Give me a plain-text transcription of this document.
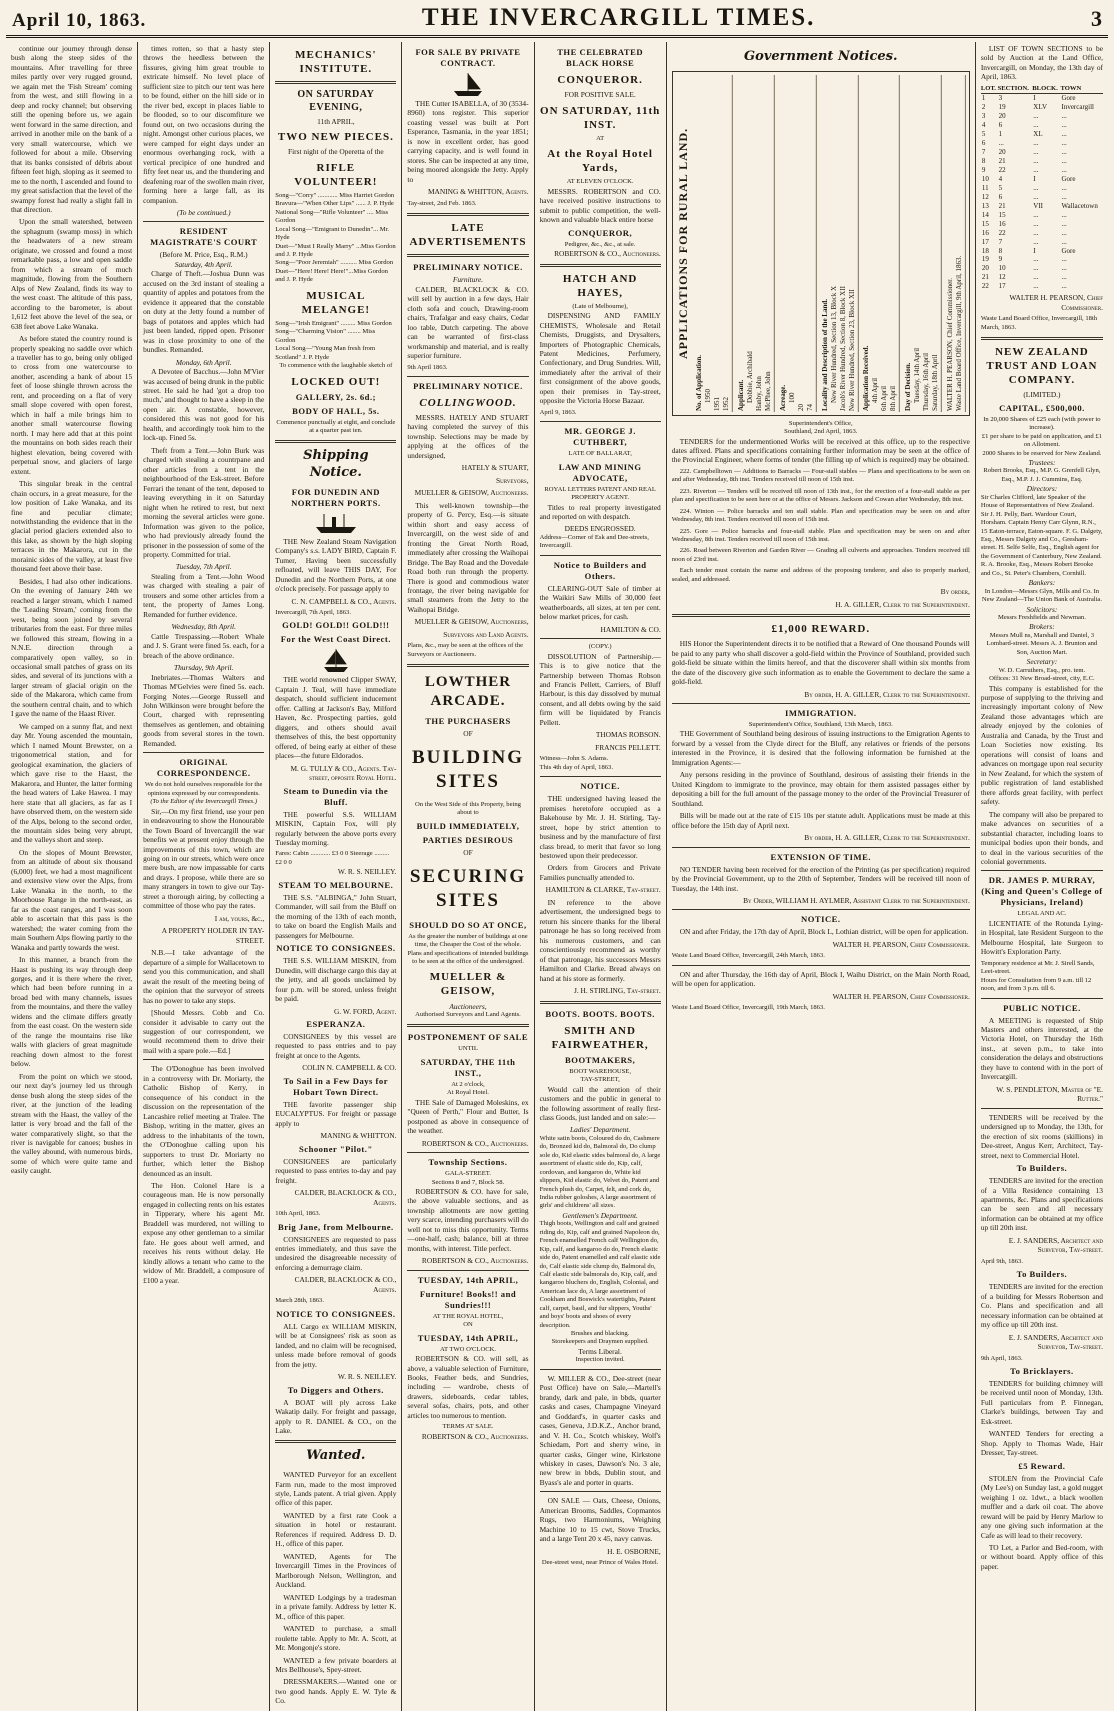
April 10, 1863.	THE INVERCARGILL TIMES.	3

continue our journey through dense bush along the steep sides of the mountains. After travelling for three miles partly over very rugged ground, we again met the 'Fish Stream' coming from the west, and still flowing in a deep and rocky channel; but observing still the opening before us, we again went forward in the same direction, and arrived in another mile on the bank of a very small watercourse, which we followed for about a mile. Observing that its banks consisted of débris about fifteen feet high, sloping as it seemed to me to the north, I ascended and found to my great satisfaction that the level of the swampy forest had really a slight fall in that direction.

Upon the small watershed, between the sphagnum (swamp moss) in which the headwaters of a new stream originate, we crossed and found a most remarkable pass, a low and open saddle from which a stream of much magnitude, flowing from the Southern Alps of New Zealand, finds its way to the west coast. The altitude of this pass, according to the barometer, is about 1,612 feet above the level of the sea, or 638 feet above Lake Wanaka.

As before stated the country round is properly speaking no saddle over which a traveller has to go, being only obliged to cross from one watercourse to another, ascending a bank of about 15 feet of loose shingle thrown across the rent, and proceeding on a flat of very small slope covered with open forest, which in half a mile brings him to another small watercourse flowing north. I may here add that at this point the mountains on both sides reach their highest elevation, being covered with perpetual snow, and glaciers of large extent.

This singular break in the central chain occurs, in a great measure, for the low position of Lake Wanaka, and its fine and peculiar climate; notwithstanding the evidence that in the glacial period glaciers extended also to this lake, as shown by the high sloping terraces in the Makarora, cut in the morainic sides of the valley, at least five thousand feet above their base.

Besides, I had also other indications. On the evening of January 24th we reached a larger stream, which I named the 'Leading Stream,' coming from the west, being soon joined by several tributaries from the east. For three miles we followed this stream, flowing in a N.N.E. direction through a comparatively open valley, so in occasional small patches of grass on its sides, and several of its junctions with a larger stream of glacial origin on the side of the Makarora, which came from the southern central chain, and to which I gave the name of the Haast River.

We camped on a sunny flat, and next day Mr. Young ascended the mountain, which I named Mount Brewster, on a trigonometrical station, and for geological examination, the glaciers of which gave rise to the Haast, the Makarora, and Hunter, the latter forming the head waters of Lake Hawea. I may here state that all glaciers, as far as I have observed them, on the western side of the Alps, belong to the second order, the mountain sides being very abrupt, and the valleys short and steep.

On the slopes of Mount Brewster, from an altitude of about six thousand (6,000) feet, we had a most magnificent and extensive view over the Alps, from Lake Wanaka in the north, to the Moorhouse Range in the north-east, as far as the coast ranges, and I was soon able to ascertain that this pass is the watershed; the water coming from the main Southern Alps flowing partly to the Wanaka and partly towards the west.

In this manner, a branch from the Haast is pushing its way through deep gorges, and it is there where the river, which had been before running in a broad bed with many channels, issues from the mountains, and there the valley widens and the climate differs greatly from the east coast. On the western side of the range the mountains rise like walls with glaciers of great magnitude reaching down almost to the forest below.

From the point on which we stood, our next day's journey led us through dense bush along the steep sides of the river, at the junction of the leading stream with the Haast, the valley of the latter is very broad and the fall of the water comparatively slight, so that the river is navigable for canoes; bushes in the valley abound, with numerous birds, some of which were quite tame and easily caught.

times rotten, so that a hasty step throws the heedless between the fissures, giving him great trouble to extricate himself. No level place of sufficient size to pitch our tent was here to be found, either on the hill side or in the river bed, except in places liable to be flooded, so to our discomfiture we found out, on two occasions during the night. Amongst other curious places, we were camped for eight days under an enormous overhanging rock, with a vertical precipice of one hundred and fifty feet near us, and the thundering and deafening roar of the swollen main river, forming here a large fall, as its companion.

(To be continued.)

RESIDENT MAGISTRATE'S COURT
(Before M. Price, Esq., R.M.)
Saturday, 4th April.

Charge of Theft.—Joshua Dunn was accused on the 3rd instant of stealing a quantity of apples and potatoes from the evidence it appeared that the constable on duty at the Jetty found a number of bags of potatoes and apples which had just been landed, ripped open. Prisoner was in close proximity to one of the bundles. Remanded.

Monday, 6th April.

A Devotee of Bacchus.—John M'Vier was accused of being drunk in the public street. He said he had 'got a drop too much,' and thought to have a sleep in the open air. A constable, however, considered this was not good for his health, and accordingly took him to the lock-up. Fined 5s.

Theft from a Tent.—John Burk was charged with stealing a countrpane and other articles from a tent in the neighbourhood of the Esk-street. Before Ferrari the tenant of the tent, deposed to leaving everything in it on Saturday night when he retired to rest, but next morning the several articles were gone. Information was given to the police, who had previously already found the prisoner in the possession of some of the property. Committed for trial.

Tuesday, 7th April.

Stealing from a Tent.—John Wood was charged with stealing a pair of trousers and some other articles from a tent, the property of James Long. Remanded for further evidence.

Wednesday, 8th April.

Cattle Trespassing.—Robert Whale and J. S. Grant were fined 5s. each, for a breach of the above ordinance.

Thursday, 9th April.

Inebriates.—Thomas Walters and Thomas M'Gelvies were fined 5s. each. Forging Notes.—George Russell and John Wilkinson were brought before the Court, charged with representing themselves as gentlemen, and obtaining goods from several stores in the town. Remanded.

ORIGINAL CORRESPONDENCE.

We do not hold ourselves responsible for the opinions expressed by our correspondents.

(To the Editor of the Invercargill Times.)

Sir,—On my first friend, use your pen in endeavouring to show the Honourable the Town Board of Invercargill the war benefits we at present enjoy through the improvements of this town, which are going on in our streets, which were once mere bush, are now impassable for carts and drays. I propose, while there are so many strangers in town to give our Tay-street a thorough airing, by collecting a committee of those who pay the rates.

I am, yours, &c.,

A PROPERTY HOLDER IN TAY-STREET.

N.B.—I take advantage of the departure of a simple for Wallacetown to send you this communication, and shall await the result of the meeting being of the opinion that the surveyor of streets has no power to take any steps.

[Should Messrs. Cobb and Co. consider it advisable to carry out the suggestion of our correspondent, we would recommend them to drive their mail with a spare pole.—Ed.]

The O'Donoghue has been involved in a controversy with Dr. Moriarty, the Catholic Bishop of Kerry, in consequence of his conduct in the discussion on the representation of the Lancashire relief meeting at Tralee. The Bishop, writing in the matter, gives an address to the inhabitants of the town, the O'Donoghue calling upon his supporters to trust Dr. Moriarty no further, which letter the Bishop denounced as an insult.

The Hon. Colonel Hare is a courageous man. He is now personally engaged in collecting rents on his estates in Tipperary, where his agent Mr. Braddell was murdered, not willing to expose any other gentleman to a similar fate. He goes about well armed, and receives his rents without delay. He kindly allows a tenant who came to the widow of Mr. Braddell, a composure of £100 a year.

MECHANICS' INSTITUTE.
ON SATURDAY EVENING,
11th APRIL,
TWO NEW PIECES.
First night of the Operetta of the
RIFLE VOLUNTEER!

Song—"Corry" ............ Miss Harriet Gordon

Bravura—"When Other Lips" ...... J. P. Hyde

National Song—"Rifle Volunteer" .... Miss Gordon

Local Song—"Emigrant to Dunedin"... Mr. Hyde

Duet—"Must I Really Marry" ...Miss Gordon and J. P. Hyde

Song—"Poor Jeremiah" .......... Miss Gordon

Duet—"Here! Here! Here!"...Miss Gordon and J. P. Hyde

MUSICAL MELANGE!

Song—"Irish Emigrant" ......... Miss Gordon

Song—"Charming Vision" ........ Miss Gordon

Local Song—"Young Man fresh from Scotland" J. P. Hyde

To commence with the laughable sketch of
LOCKED OUT!
GALLERY, 2s. 6d.;
BODY OF HALL, 5s.

Commence punctually at eight, and conclude at a quarter past ten.

Shipping Notice.
FOR DUNEDIN AND NORTHERN PORTS.

THE New Zealand Steam Navigation Company's s.s. LADY BIRD, Captain F. Tumer, Having been successfully refloated, will leave THIS DAY, For Dunedin and the Northern Ports, at one o'clock precisely. For passage apply to

C. N. CAMPBELL & CO., Agents.

Invercargill, 7th April, 1863.

GOLD! GOLD!! GOLD!!!
For the West Coast Direct.

THE world renowned Clipper SWAY, Captain J. Teal, will have immediate despatch, should sufficient inducement offer. Calling at Jackson's Bay, Milford Haven, &c. Prospecting parties, gold diggers, and others should avail themselves of this, the best opportunity offered, of being early at either of these places—the future Eldorados.

M. G. TULLY & CO., Agents. Tay-street, opposite Royal Hotel.

Steam to Dunedin via the Bluff.

THE powerful S.S. WILLIAM MISKIN, Captain Fox, will ply regularly between the above ports every Tuesday morning.

Fares: Cabin ............ £3 0 0 Steerage ......... £2 0 0

W. R. S. NEILLEY.

STEAM TO MELBOURNE.

THE S.S. "ALBINGA," John Stuart, Commander, will sail from the Bluff on the morning of the 13th of each month, to take on board the English Mails and passengers for Melbourne.

NOTICE TO CONSIGNEES.

THE S.S. WILLIAM MISKIN, from Dunedin, will discharge cargo this day at the jetty, and all goods unclaimed by four p.m. will be stored, unless freight be paid.

G. W. FORD, Agent.

ESPERANZA.

CONSIGNEES by this vessel are requested to pass entries and to pay freight at once to the Agents.

COLIN N. CAMPBELL & CO.

To Sail in a Few Days for Hobart Town Direct.

THE favorite passenger ship EUCALYPTUS. For freight or passage apply to

MANING & WHITTON.

Schooner "Pilot."

CONSIGNEES are particularly requested to pass entries to-day and pay freight.

CALDER, BLACKLOCK & CO., Agents.

10th April, 1863.

Brig Jane, from Melbourne.

CONSIGNEES are requested to pass entries immediately, and thus save the undesired the disagreeable necessity of enforcing a demurrage claim.

CALDER, BLACKLOCK & CO., Agents.

March 28th, 1863.

NOTICE TO CONSIGNEES.

ALL Cargo ex WILLIAM MISKIN, will be at Consignees' risk as soon as landed, and no claim will be recognised, unless made before removal of goods from the jetty.

W. R. S. NEILLEY.

To Diggers and Others.

A BOAT will ply across Lake Wakatip daily. For freight and passage, apply to R. DANIEL & CO., on the Lake.

Wanted.

WANTED Purveyor for an excellent Farm run, made to the most improved style, Lands patent. A trial given. Apply office of this paper.

WANTED by a first rate Cook a situation in hotel or restaurant. References if required. Address D. D. H., office of this paper.

WANTED, Agents for The Invercargill Times in the Provinces of Marlborough Nelson, Wellington, and Auckland.

WANTED Lodgings by a tradesman in a private family. Address by letter K. M., office of this paper.

WANTED to purchase, a small roulette table. Apply to Mr. A. Scott, at Mr. Mongonje's store.

WANTED a few private boarders at Mrs Bellhouse's, Spey-street.

DRESSMAKERS.—Wanted one or two good hands. Apply E. W. Tyle & Co.

FOR SALE BY PRIVATE CONTRACT.

THE Cutter ISABELLA, of 30 (3534-8960) tons register. This superior coasting vessel was built at Port Esperance, Tasmania, in the year 1851; is now in excellent order, has good carrying capacity, and is well found in stores. She can be inspected at any time, being moored alongside the Jetty. Apply to

MANING & WHITTON, Agents.

Tay-street, 2nd Feb. 1863.

LATE ADVERTISEMENTS
PRELIMINARY NOTICE.
Furniture.

CALDER, BLACKLOCK & CO. will sell by auction in a few days, Hair cloth sofa and couch, Drawing-room chairs, Trafalgar and easy chairs, Cedar loo table, Dutch carpeting. The above can be warranted of first-class workmanship and material, and is really superior furniture.

9th April 1863.

PRELIMINARY NOTICE.
COLLINGWOOD.

MESSRS. HATELY AND STUART having completed the survey of this township. Selections may be made by applying at the offices of the undersigned,

HATELY & STUART,

Surveyors,

MUELLER & GEISOW, Auctioneers.

This well-known township—the property of G. Percy, Esq.—is situate within short and easy access of Invercargill, on the west side of and fronting the Great North Road, immediately after crossing the Waihopai Bridge. The Bay Road and the Dovedale Road both run through the property. There is good and commodious water frontage, the river being navigable for small steamers from the Jetty to the Waihopai Bridge.

MUELLER & GEISOW, Auctioneers,

Surveyors and Land Agents.

Plans, &c., may be seen at the offices of the Surveyors or Auctioneers.

LOWTHER ARCADE.
THE PURCHASERS
OF
BUILDING SITES
On the West Side of this Property, being about to
BUILD IMMEDIATELY,
PARTIES DESIROUS
OF
SECURING SITES
SHOULD DO SO AT ONCE,

As the greater the number of buildings at one time, the Cheaper the Cost of the whole.

Plans and specifications of intended buildings to be seen at the office of the undersigned.

MUELLER & GEISOW,
Auctioneers,
Authorised Surveyors and Land Agents.
POSTPONEMENT OF SALE
UNTIL
SATURDAY, THE 11th INST.,
At 2 o'clock,
At Royal Hotel.

THE Sale of Damaged Moleskins, ex "Queen of Perth," Flour and Butter, Is postponed as above in consequence of the weather.

ROBERTSON & CO., Auctioneers.

Township Sections.
GALA-STREET.
Sections 8 and 7, Block 58.

ROBERTSON & CO. have for sale, the above valuable sections, and as township allotments are now getting very scarce, intending purchasers will do well not to miss this opportunity. Terms—one-half, cash; balance, bill at three months, with interest. Title perfect.

ROBERTSON & CO., Auctioneers.

TUESDAY, 14th APRIL,
Furniture! Books!! and Sundries!!!
AT THE ROYAL HOTEL,
ON
TUESDAY, 14th APRIL,
AT TWO O'CLOCK.

ROBERTSON & CO. will sell, as above, a valuable selection of Furniture, Books, Feather beds, and Sundries, including — wardrobe, chests of drawers, sideboards, cedar tables, several sofas, chairs, pots, and other articles too numerous to mention.

TERMS AT SALE.

ROBERTSON & CO., Auctioneers.

THE CELEBRATED BLACK HORSE
CONQUEROR.
FOR POSITIVE SALE.
ON SATURDAY, 11th INST.
AT
At the Royal Hotel Yards,
AT ELEVEN O'CLOCK.

MESSRS. ROBERTSON and CO. have received positive instructions to submit to public competition, the well-known and valuable black entire horse

CONQUEROR,

Pedigree, &c., &c., at sale.

ROBERTSON & CO., Auctioneers.

HATCH AND HAYES,
(Late of Melbourne),

DISPENSING AND FAMILY CHEMISTS, Wholesale and Retail Chemists, Druggists, and Drysalters, Importers of Photographic Chemicals, Patent Medicines, Perfumery, Confectionary, and Drug Sundries. Will, immediately after the arrival of their first consignment of the above goods, open their premises in Tay-street, opposite the Victoria Horse Bazaar.

April 9, 1863.

MR. GEORGE J. CUTHBERT,
LATE OF BALLARAT,
LAW AND MINING ADVOCATE,
ROYAL LETTERS PATENT AND REAL PROPERTY AGENT.

Titles to real property investigated and reported on with despatch.

DEEDS ENGROSSED.

Address—Corner of Esk and Dee-streets, Invercargill.

Notice to Builders and Others.

CLEARING-OUT Sale of timber at the Waikiri Saw Mills of 30,000 feet weatherboards, all sizes, at ten per cent. below market prices, for cash.

HAMILTON & CO.

(COPY.)

DISSOLUTION of Partnership.—This is to give notice that the Partnership between Thomas Robson and Francis Pellett, Carriers, of Bluff Harbour, is this day dissolved by mutual consent, and all debts owing by the said firm will be liquidated by Francis Pellett.

THOMAS ROBSON.

FRANCIS PELLETT.

Witness—John S. Adams.

This 4th day of April, 1863.

NOTICE.

THE undersigned having leased the premises heretofore occupied as a Bakehouse by Mr. J. H. Stirling, Tay-street, hope by strict attention to business and by the manufacture of first class bread, to merit that favor so long bestowed upon their predecessor.

Orders from Grocers and Private Families punctually attended to.

HAMILTON & CLARKE, Tay-street.

IN reference to the above advertisement, the undersigned begs to return his sincere thanks for the liberal patronage he has so long received from his numerous customers, and can conscientiously recommend as worthy of that patronage, his successors Messrs Hamilton and Clarke. Bread always on hand at his store as formerly.

J. H. STIRLING, Tay-street.

BOOTS. BOOTS. BOOTS.
SMITH AND FAIRWEATHER,
BOOTMAKERS,
BOOT WAREHOUSE,
TAY-STREET,

Would call the attention of their customers and the public in general to the following assortment of really first-class Goods, just landed and on sale:—

Ladies' Department.

White satin boots, Coloured do do, Cashmere do, Bronzed kid do, Balmoral do, Do clump sole do, Kid elastic sides balmoral do, A large assortment of elastic side do, Kip, calf, cordovan, and kangaroo do, White kid slippers, Kid elastic do, Velvet do, Patent and French plush do, Carpet, felt, and cork do, India rubber goloshes, A large assortment of girls' and childrens' all sizes.

Gentlemen's Department.

Thigh boots, Wellington and calf and grained riding do, Kip, calf and grained Napoleon do, French enamelled French calf Wellington do, Kip, calf, and kangaroo do do, French elastic side do, Patent enamelled and calf elastic side do, Calf elastic side clump do, Balmoral do, Calf elastic side balmorals do, Kip, calf, and kangaroo bluchers do, English, Colonial, and American lace do, A large assortment of Cookham and Boswick's watertights, Patent calf, carpet, basil, and fur slippers, Youths' and boys' boots and shoes of every description.

Brushes and blacking.
Storekeepers and Draymen supplied.
Terms Liberal.
Inspection invited.

W. MILLER & CO., Dee-street (near Post Office) have on Sale,—Martell's brandy, dark and pale, in bbds, quarter casks and cases, Champagne Vineyard and Goddard's, in quarter casks and cases, Geneva, J.D.K.Z., Anchor brand, and V. H. Co., Scotch whiskey, Wolf's Schiedam, Port and sherry wine, in quarter casks, Ginger wine, Kirkstone whiskey in cases, Dawson's No. 3 ale, new brew in bbds, Dublin stout, and Byass's ale and porter in quarts.

ON SALE — Oats, Cheese, Onions, American Brooms, Saddles, Copmantos Rugs, two Harmoniums, Weighing Machine 10 to 15 cwt, Stove Trucks, and a large Tent 20 x 45, navy canvas.

H. E. OSBORNE,

Dee-street west, near Prince of Wales Hotel.

Government Notices.
APPLICATIONS FOR RURAL LAND.
No. of Application. 1950
1951 1952 Applicant. Dobbie, Archibald Hanby, John McPhee, John Acreage. 100
20 74 Locality and Description of the Land. New River Hundred, Section 13, Block X Jacob's River Hundred, Section 8, Block XII New River Hundred, Section 23, Block XII Application Received. 4th April 6th April 8th April Day of Decision. Tuesday, 14th April Thursday, 16th April Saturday, 18th April WALTER H. PEARSON, Chief Commissioner. Waste Land Board Office, Invercargill, 9th April, 1863.
Superintendent's Office,
Southland, 2nd April, 1863.

TENDERS for the undermentioned Works will be received at this office, up to the respective dates affixed. Plans and specifications containing further information may be seen at the office of the Provincial Engineer, where forms of tender (the filling up of which is required) may be obtained.

222. Campbelltown — Additions to Barracks — Four-stall stables — Plans and specifications to be seen on and after Wednesday, 8th inst. Tenders received till noon of 15th inst.

223. Riverton — Tenders will be received till noon of 13th inst., for the erection of a four-stall stable as per plan and specification to be seen here or at the office of Messrs. Jackson and Cowan after Wednesday, 8th inst.

224. Winton — Police barracks and ten stall stable. Plan and specification may be seen on and after Wednesday, 8th inst. Tenders received till noon of 15th inst.

225. Gore — Police barracks and four-stall stable. Plan and specification may be seen on and after Wednesday, 8th inst. Tenders received till noon of 15th inst.

226. Road between Riverton and Garden River — Grading all culverts and approaches. Tenders received till noon of 23rd inst.

Each tender must contain the name and address of the proposing tenderer, and also to properly marked, sealed, and addressed.

By order,

H. A. GILLER, Clerk to the Superintendent.

£1,000 REWARD.

HIS Honor the Superintendent directs it to be notified that a Reward of One thousand Pounds will be paid to any party who shall discover a gold-field within the Province of Southland, provided such gold-field be situate within the limits hereof, and that the discoverer shall within six months from the date of the discovery give such information as to enable the Government to declare the same a gold-field.

By order, H. A. GILLER, Clerk to the Superintendent.

IMMIGRATION.
Superintendent's Office, Southland, 13th March, 1863.

THE Government of Southland being desirous of issuing instructions to the Emigration Agents to forward by a vessel from the Clyde direct for the Bluff, any relatives or friends of the persons interested in the Province, it is desired that the following information be furnished at the Immigration Agents:—

Any persons residing in the province of Southland, desirous of assisting their friends in the United Kingdom to immigrate to the province, may obtain for them assisted passages either by depositing a bill for the full amount of the passage money to the order of the Provincial Treasurer of Southland.

Bills will be made out at the rate of £15 10s per statute adult. Applications must be made at this office before the 15th day of April next.

By order, H. A. GILLER, Clerk to the Superintendent.

EXTENSION OF TIME.

NO TENDER having been received for the erection of the Printing (as per specification) required by the Provincial Government, up to the 20th of September, Tenders will be received till noon of Tuesday, the 14th inst.

By Order, WILLIAM H. AYLMER, Assistant Clerk to the Superintendent.

NOTICE.

ON and after Friday, the 17th day of April, Block L, Lothian district, will be open for application.

WALTER H. PEARSON, Chief Commissioner.

Waste Land Board Office, Invercargill, 24th March, 1863.

ON and after Thursday, the 16th day of April, Block I, Waihu District, on the Main North Road, will be open for application.

WALTER H. PEARSON, Chief Commissioner.

Waste Land Board Office, Invercargill, 19th March, 1863.

LIST OF TOWN SECTIONS to be sold by Auction at the Land Office, Invercargill, on Monday, the 13th day of April, 1863.

LOT.	SECTION.	BLOCK.	TOWN
1	3	I	Gore
2	19	XLV	Invercargill
3	20	...	...
4	6	...	...
5	1	XL	...
6	...	...	...
7	20	...	...
8	21	...	...
9	22	...	...
10	4	I	Gore
11	5	...	...
12	6	...	...
13	21	VII	Wallacetown
14	15	...	...
15	16	...	...
16	22	...	...
17	7	...	...
18	8	I	Gore
19	9	...	...
20	10	...	...
21	12	...	...
22	17	...	...

WALTER H. PEARSON, Chief Commissioner.

Waste Land Board Office, Invercargill, 18th March, 1863.

NEW ZEALAND TRUST AND LOAN COMPANY.
(LIMITED.)
CAPITAL, £500,000.
In 20,000 Shares of £25 each (with power to increase).
£1 per share to be paid on application, and £1 on Allotment.
2000 Shares to be reserved for New Zealand.
Trustees:

Robert Brooks, Esq., M.P. G. Grenfell Glyn, Esq., M.P. J. J. Cummins, Esq.

Directors:

Sir Charles Clifford, late Speaker of the House of Representatives of New Zealand. Sir J. H. Pelly, Bart. Wardour Court, Horsham. Captain Henry Carr Glynn, R.N., 15 Eaton-terrace, Eaton-square. F. G. Dalgety, Esq., Messrs Dalgety and Co., Gresham-street. H. Selfe Selfe, Esq., English agent for the Government of Canterbury, New Zealand. R. A. Brooke, Esq., Messrs Robert Brooke and Co., St. Peter's Chambers, Cornhill.

Bankers:

In London—Messrs Glyn, Mills and Co. In New Zealand—The Union Bank of Australia.

Solicitors:

Messrs Freshfields and Newman.

Brokers:

Messrs Mull ns, Marshall and Daniel, 3 Lombard-street. Messrs A. J. Brunton and Son, Auction Mart.

Secretary:

W. D. Carruthers, Esq., pro. tem.

Offices: 31 New Broad-street, city, E.C.

This company is established for the purpose of supplying to the thriving and increasingly important colony of New Zealand those advantages which are already enjoyed by the colonies of Australia and Canada, by the Trust and Loan Societies now existing. Its operations will consist of loans and advances on mortgage upon real security in New Zealand, for which the system of public registration of land established there affords great facility, with perfect safety.

The company will also be prepared to make advances on securities of a substantial character, including loans to municipal bodies upon their bonds, and to deal in the various securities of the colonial governments.

DR. JAMES P. MURRAY, (King and Queen's College of Physicians, Ireland)
LEGAL AND AC.

LICENTIATE of the Rotunda Lying-in Hospital, late Resident Surgeon to the Melbourne Hospital, late Surgeon to Howitt's Exploration Party.

Temporary residence at Mr. J. Sirell Sands, Leet-street.

Hours for Consultation from 9 a.m. till 12 noon, and from 3 p.m. till 6.

PUBLIC NOTICE.

A MEETING is requested of Ship Masters and others interested, at the Victoria Hotel, on Thursday the 16th inst., at seven p.m., to take into consideration the delays and obstructions they have to contend with in the port of Invercargill.

W. S. PENDLETON, Master of "E. Rutter."

TENDERS will be received by the undersigned up to Monday, the 13th, for the erection of six rooms (skillions) in Dee-street, Angus Kerr, Architect, Tay-street, next to Commercial Hotel.

To Builders.

TENDERS are invited for the erection of a Villa Residence containing 13 apartments, &c. Plans and specifications can be seen and all necessary information can be obtained at my office up till 20th inst.

E. J. SANDERS, Architect and Surveyor, Tay-street.

April 9th, 1863.

To Builders.

TENDERS are invited for the erection of a building for Messrs Robertson and Co. Plans and specification and all necessary information can be obtained at my office up till 20th inst.

E. J. SANDERS, Architect and Surveyor, Tay-street.

9th April, 1863.

To Bricklayers.

TENDERS for building chimney will be received until noon of Monday, 13th. Full particulars from P. Finnegan, Clarke's buildings, between Tay and Esk-street.

WANTED Tenders for erecting a Shop. Apply to Thomas Wade, Hair Dresser, Tay-street.

£5 Reward.

STOLEN from the Provincial Cafe (My Lee's) on Sunday last, a gold nugget weighing 1 oz. 1dwt., a black woollen muffler and a dark oil coat. The above reward will be paid by Henry Marlow to any one giving such information at the Cafe as will lead to their recovery.

TO Let, a Parlor and Bed-room, with or without board. Apply office of this paper.
